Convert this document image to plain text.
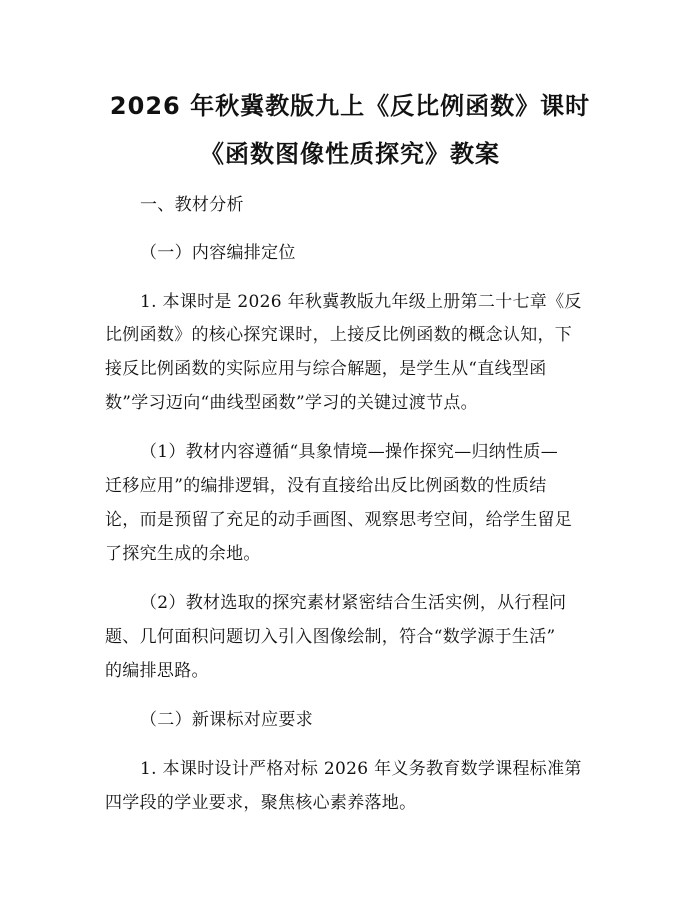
2026 年秋冀教版九上《反比例函数》课时
《函数图像性质探究》教案

一、教材分析

（一）内容编排定位

1. 本课时是 2026 年秋冀教版九年级上册第二十七章《反

比例函数》的核心探究课时，上接反比例函数的概念认知，下

接反比例函数的实际应用与综合解题，是学生从“直线型函

数”学习迈向“曲线型函数”学习的关键过渡节点。

（1）教材内容遵循“具象情境—操作探究—归纳性质—

迁移应用”的编排逻辑，没有直接给出反比例函数的性质结

论，而是预留了充足的动手画图、观察思考空间，给学生留足

了探究生成的余地。

（2）教材选取的探究素材紧密结合生活实例，从行程问

题、几何面积问题切入引入图像绘制，符合“数学源于生活”

的编排思路。

（二）新课标对应要求

1. 本课时设计严格对标 2026 年义务教育数学课程标准第

四学段的学业要求，聚焦核心素养落地。
